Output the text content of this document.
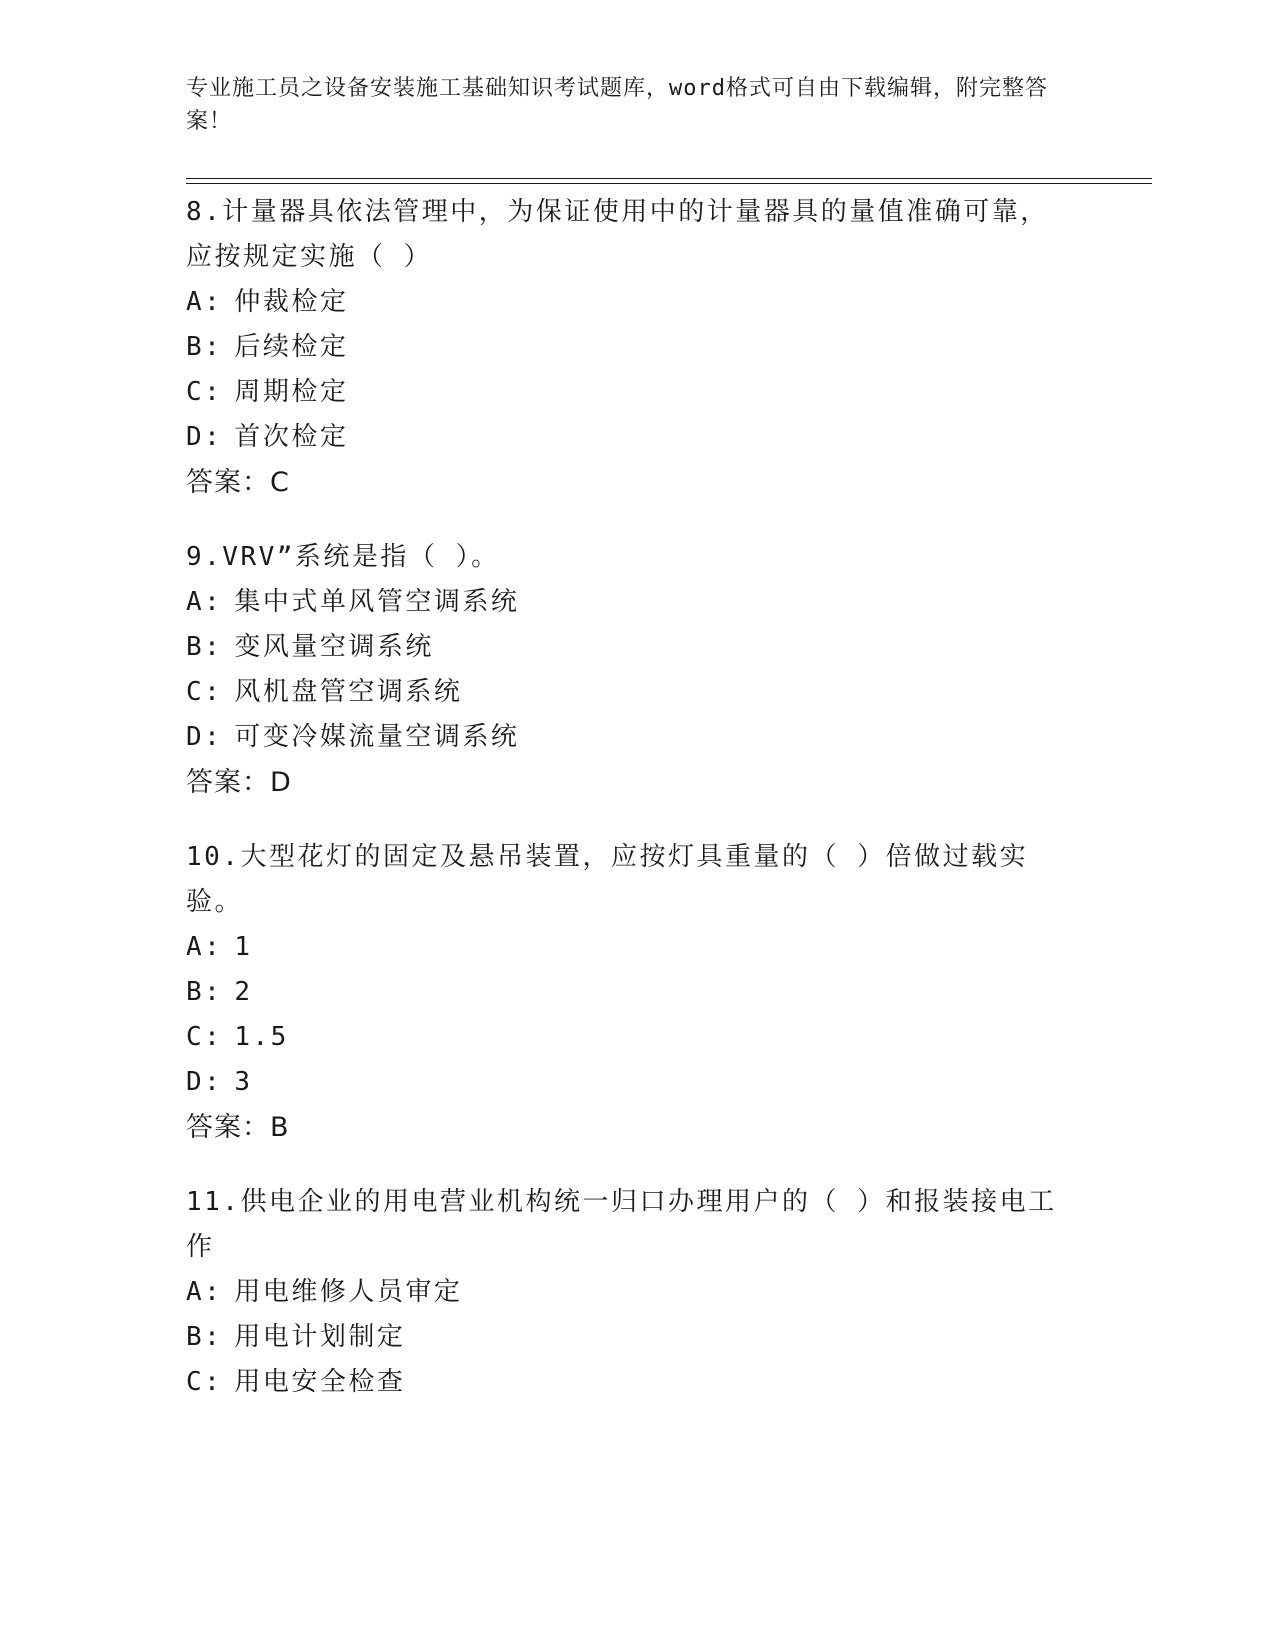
专业施工员之设备安装施工基础知识考试题库，word格式可自由下载编辑，附完整答案！

8.计量器具依法管理中，为保证使用中的计量器具的量值准确可靠，应按规定实施（ ）

A: 仲裁检定

B: 后续检定

C: 周期检定

D: 首次检定

答案：C

9.VRV”系统是指（ ）。

A: 集中式单风管空调系统

B: 变风量空调系统

C: 风机盘管空调系统

D: 可变冷媒流量空调系统

答案：D

10.大型花灯的固定及悬吊装置，应按灯具重量的（ ）倍做过载实验。

A: 1

B: 2

C: 1.5

D: 3

答案：B

11.供电企业的用电营业机构统一归口办理用户的（ ）和报装接电工作

A: 用电维修人员审定

B: 用电计划制定

C: 用电安全检查
